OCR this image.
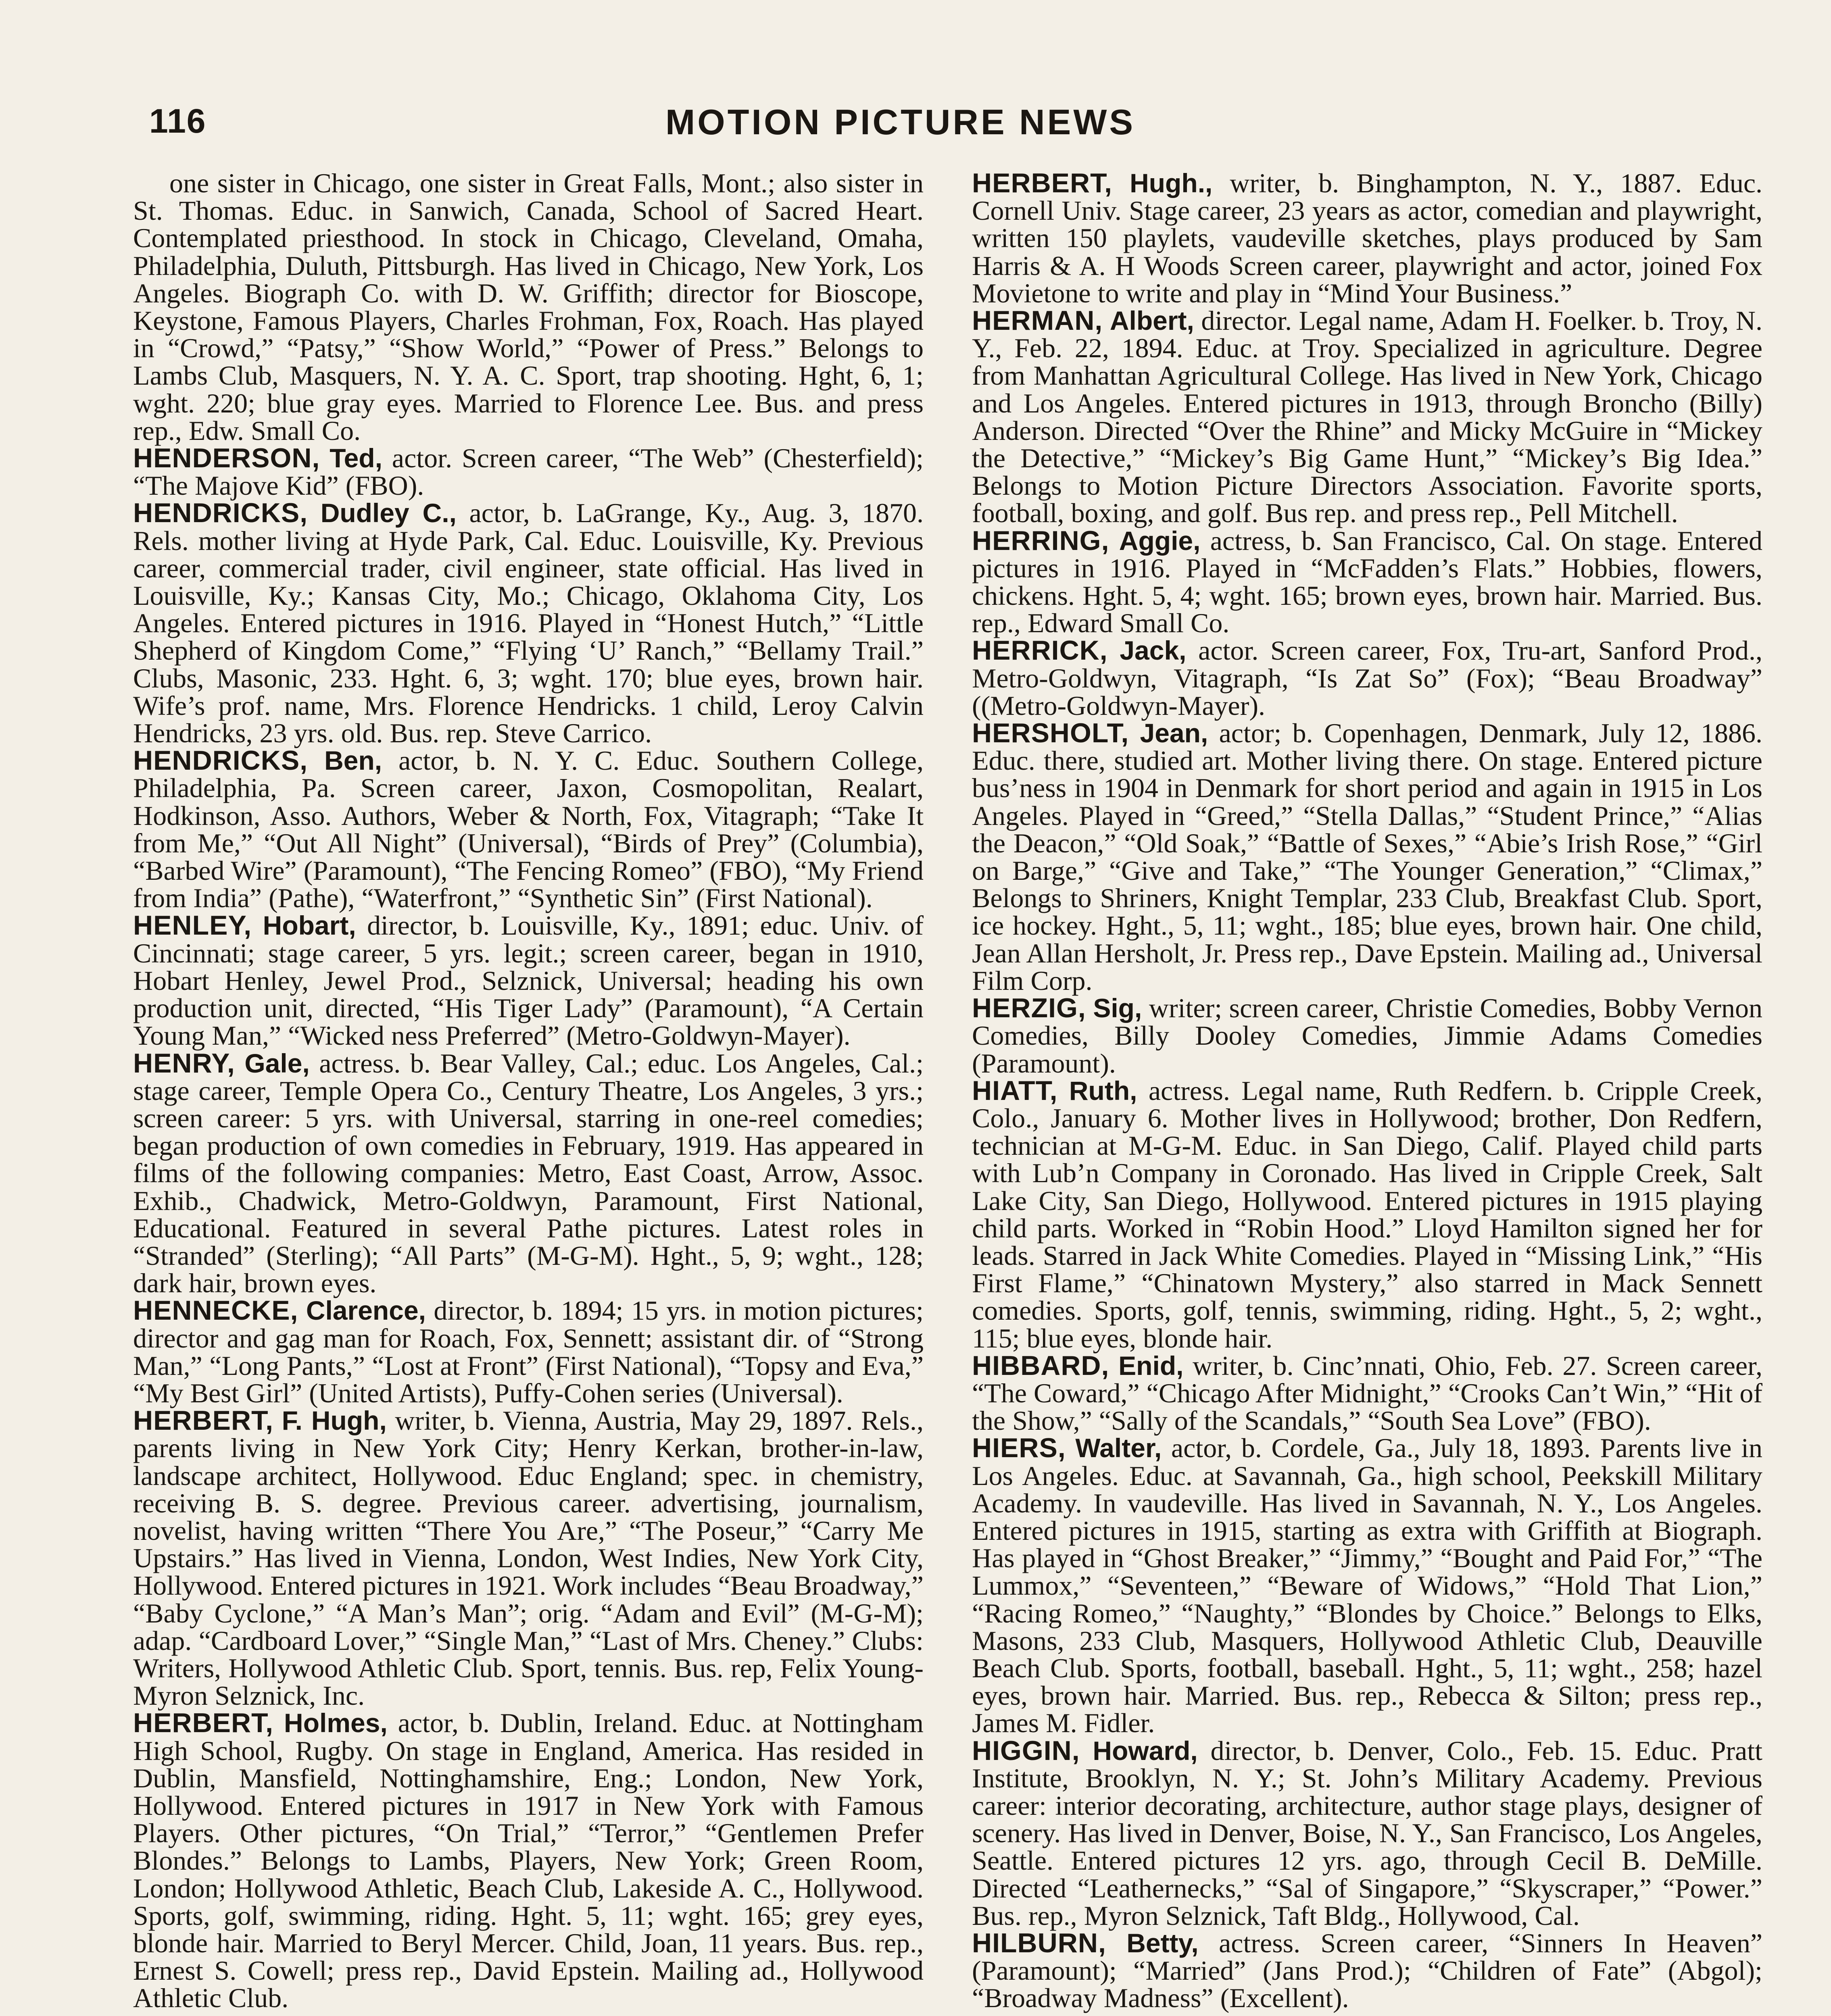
116	MOTION PICTURE NEWS

one sister in Chicago, one sister in Great Falls, Mont.; also sister in St. Thomas. Educ. in Sanwich, Canada, School of Sacred Heart. Contemplated priesthood. In stock in Chicago, Cleveland, Omaha, Philadelphia, Duluth, Pittsburgh. Has lived in Chicago, New York, Los Angeles. Biograph Co. with D. W. Griffith; director for Bioscope, Keystone, Famous Players, Charles Frohman, Fox, Roach. Has played in “Crowd,” “Patsy,” “Show World,” “Power of Press.” Belongs to Lambs Club, Masquers, N. Y. A. C. Sport, trap shooting. Hght, 6, 1; wght. 220; blue gray eyes. Married to Florence Lee. Bus. and press rep., Edw. Small Co.

HENDERSON, Ted, actor. Screen career, “The Web” (Chesterfield); “The Majove Kid” (FBO).

HENDRICKS, Dudley C., actor, b. LaGrange, Ky., Aug. 3, 1870. Rels. mother living at Hyde Park, Cal. Educ. Louisville, Ky. Previous career, commercial trader, civil engineer, state official. Has lived in Louisville, Ky.; Kansas City, Mo.; Chicago, Oklahoma City, Los Angeles. Entered pictures in 1916. Played in “Honest Hutch,” “Little Shepherd of Kingdom Come,” “Flying ‘U’ Ranch,” “Bellamy Trail.” Clubs, Masonic, 233. Hght. 6, 3; wght. 170; blue eyes, brown hair. Wife’s prof. name, Mrs. Florence Hendricks. 1 child, Leroy Calvin Hendricks, 23 yrs. old. Bus. rep. Steve Carrico.

HENDRICKS, Ben, actor, b. N. Y. C. Educ. Southern College, Philadelphia, Pa. Screen career, Jaxon, Cosmopolitan, Realart, Hodkinson, Asso. Authors, Weber & North, Fox, Vitagraph; “Take It from Me,” “Out All Night” (Universal), “Birds of Prey” (Columbia), “Barbed Wire” (Paramount), “The Fencing Romeo” (FBO), “My Friend from India” (Pathe), “Waterfront,” “Synthetic Sin” (First National).

HENLEY, Hobart, director, b. Louisville, Ky., 1891; educ. Univ. of Cincinnati; stage career, 5 yrs. legit.; screen career, began in 1910, Hobart Henley, Jewel Prod., Selznick, Universal; heading his own production unit, directed, “His Tiger Lady” (Paramount), “A Certain Young Man,” “Wicked ness Preferred” (Metro-Goldwyn-Mayer).

HENRY, Gale, actress. b. Bear Valley, Cal.; educ. Los Angeles, Cal.; stage career, Temple Opera Co., Century Theatre, Los Angeles, 3 yrs.; screen career: 5 yrs. with Universal, starring in one-reel comedies; began production of own comedies in February, 1919. Has appeared in films of the following companies: Metro, East Coast, Arrow, Assoc. Exhib., Chadwick, Metro-Goldwyn, Paramount, First National, Educational. Featured in several Pathe pictures. Latest roles in “Stranded” (Sterling); “All Parts” (M-G-M). Hght., 5, 9; wght., 128; dark hair, brown eyes.

HENNECKE, Clarence, director, b. 1894; 15 yrs. in motion pictures; director and gag man for Roach, Fox, Sennett; assistant dir. of “Strong Man,” “Long Pants,” “Lost at Front” (First National), “Topsy and Eva,” “My Best Girl” (United Artists), Puffy-Cohen series (Universal).

HERBERT, F. Hugh, writer, b. Vienna, Austria, May 29, 1897. Rels., parents living in New York City; Henry Kerkan, brother-in-law, landscape architect, Hollywood. Educ England; spec. in chemistry, receiving B. S. degree. Previous career. advertising, journalism, novelist, having written “There You Are,” “The Poseur,” “Carry Me Upstairs.” Has lived in Vienna, London, West Indies, New York City, Hollywood. Entered pictures in 1921. Work includes “Beau Broadway,” “Baby Cyclone,” “A Man’s Man”; orig. “Adam and Evil” (M-G-M); adap. “Cardboard Lover,” “Single Man,” “Last of Mrs. Cheney.” Clubs: Writers, Hollywood Athletic Club. Sport, tennis. Bus. rep, Felix Young-Myron Selznick, Inc.

HERBERT, Holmes, actor, b. Dublin, Ireland. Educ. at Nottingham High School, Rugby. On stage in England, America. Has resided in Dublin, Mansfield, Nottinghamshire, Eng.; London, New York, Hollywood. Entered pictures in 1917 in New York with Famous Players. Other pictures, “On Trial,” “Terror,” “Gentlemen Prefer Blondes.” Belongs to Lambs, Players, New York; Green Room, London; Hollywood Athletic, Beach Club, Lakeside A. C., Hollywood. Sports, golf, swimming, riding. Hght. 5, 11; wght. 165; grey eyes, blonde hair. Married to Beryl Mercer. Child, Joan, 11 years. Bus. rep., Ernest S. Cowell; press rep., David Epstein. Mailing ad., Hollywood Athletic Club.

HERBERT, Hugh., writer, b. Binghampton, N. Y., 1887. Educ. Cornell Univ. Stage career, 23 years as actor, comedian and playwright, written 150 playlets, vaudeville sketches, plays produced by Sam Harris & A. H Woods Screen career, playwright and actor, joined Fox Movietone to write and play in “Mind Your Business.”

HERMAN, Albert, director. Legal name, Adam H. Foelker. b. Troy, N. Y., Feb. 22, 1894. Educ. at Troy. Specialized in agriculture. Degree from Manhattan Agricultural College. Has lived in New York, Chicago and Los Angeles. Entered pictures in 1913, through Broncho (Billy) Anderson. Directed “Over the Rhine” and Micky McGuire in “Mickey the Detective,” “Mickey’s Big Game Hunt,” “Mickey’s Big Idea.” Belongs to Motion Picture Directors Association. Favorite sports, football, boxing, and golf. Bus rep. and press rep., Pell Mitchell.

HERRING, Aggie, actress, b. San Francisco, Cal. On stage. Entered pictures in 1916. Played in “McFadden’s Flats.” Hobbies, flowers, chickens. Hght. 5, 4; wght. 165; brown eyes, brown hair. Married. Bus. rep., Edward Small Co.

HERRICK, Jack, actor. Screen career, Fox, Tru-art, Sanford Prod., Metro-Goldwyn, Vitagraph, “Is Zat So” (Fox); “Beau Broadway” ((Metro-Goldwyn-Mayer).

HERSHOLT, Jean, actor; b. Copenhagen, Denmark, July 12, 1886. Educ. there, studied art. Mother living there. On stage. Entered picture bus’ness in 1904 in Denmark for short period and again in 1915 in Los Angeles. Played in “Greed,” “Stella Dallas,” “Student Prince,” “Alias the Deacon,” “Old Soak,” “Battle of Sexes,” “Abie’s Irish Rose,” “Girl on Barge,” “Give and Take,” “The Younger Generation,” “Climax,” Belongs to Shriners, Knight Templar, 233 Club, Breakfast Club. Sport, ice hockey. Hght., 5, 11; wght., 185; blue eyes, brown hair. One child, Jean Allan Hersholt, Jr. Press rep., Dave Epstein. Mailing ad., Universal Film Corp.

HERZIG, Sig, writer; screen career, Christie Comedies, Bobby Vernon Comedies, Billy Dooley Comedies, Jimmie Adams Comedies (Paramount).

HIATT, Ruth, actress. Legal name, Ruth Redfern. b. Cripple Creek, Colo., January 6. Mother lives in Hollywood; brother, Don Redfern, technician at M-G-M. Educ. in San Diego, Calif. Played child parts with Lub’n Company in Coronado. Has lived in Cripple Creek, Salt Lake City, San Diego, Hollywood. Entered pictures in 1915 playing child parts. Worked in “Robin Hood.” Lloyd Hamilton signed her for leads. Starred in Jack White Comedies. Played in “Missing Link,” “His First Flame,” “Chinatown Mystery,” also starred in Mack Sennett comedies. Sports, golf, tennis, swimming, riding. Hght., 5, 2; wght., 115; blue eyes, blonde hair.

HIBBARD, Enid, writer, b. Cinc’nnati, Ohio, Feb. 27. Screen career, “The Coward,” “Chicago After Midnight,” “Crooks Can’t Win,” “Hit of the Show,” “Sally of the Scandals,” “South Sea Love” (FBO).

HIERS, Walter, actor, b. Cordele, Ga., July 18, 1893. Parents live in Los Angeles. Educ. at Savannah, Ga., high school, Peekskill Military Academy. In vaudeville. Has lived in Savannah, N. Y., Los Angeles. Entered pictures in 1915, starting as extra with Griffith at Biograph. Has played in “Ghost Breaker,” “Jimmy,” “Bought and Paid For,” “The Lummox,” “Seventeen,” “Beware of Widows,” “Hold That Lion,” “Racing Romeo,” “Naughty,” “Blondes by Choice.” Belongs to Elks, Masons, 233 Club, Masquers, Hollywood Athletic Club, Deauville Beach Club. Sports, football, baseball. Hght., 5, 11; wght., 258; hazel eyes, brown hair. Married. Bus. rep., Rebecca & Silton; press rep., James M. Fidler.

HIGGIN, Howard, director, b. Denver, Colo., Feb. 15. Educ. Pratt Institute, Brooklyn, N. Y.; St. John’s Military Academy. Previous career: interior decorating, architecture, author stage plays, designer of scenery. Has lived in Denver, Boise, N. Y., San Francisco, Los Angeles, Seattle. Entered pictures 12 yrs. ago, through Cecil B. DeMille. Directed “Leathernecks,” “Sal of Singapore,” “Skyscraper,” “Power.” Bus. rep., Myron Selznick, Taft Bldg., Hollywood, Cal.

HILBURN, Betty, actress. Screen career, “Sinners In Heaven” (Paramount); “Married” (Jans Prod.); “Children of Fate” (Abgol); “Broadway Madness” (Excellent).
